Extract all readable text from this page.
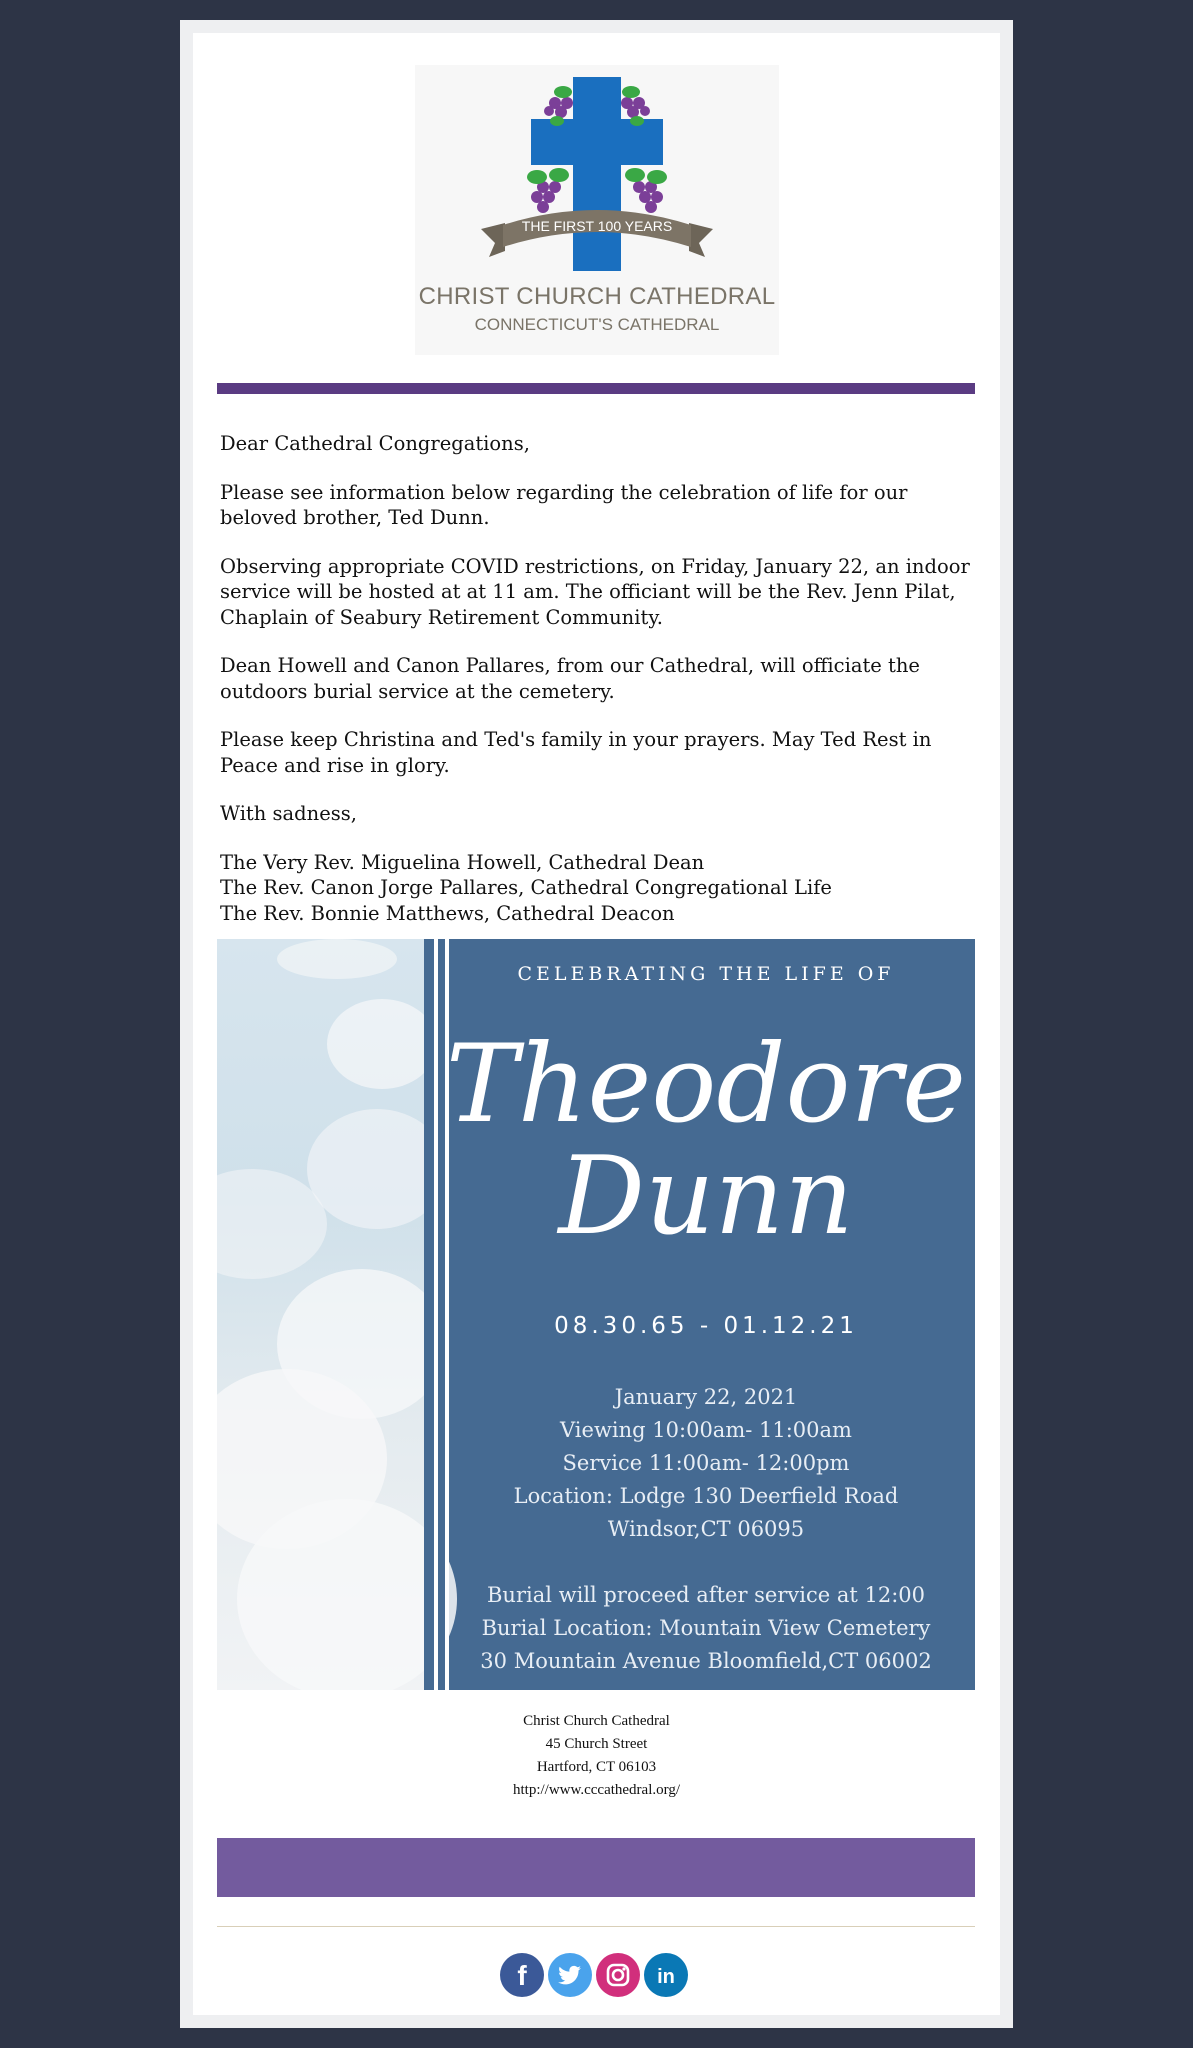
THE FIRST 100 YEARS
CHRIST CHURCH CATHEDRAL
CONNECTICUT'S CATHEDRAL

Dear Cathedral Congregations,

Please see information below regarding the celebration of life for our beloved brother, Ted Dunn.

Observing appropriate COVID restrictions, on Friday, January 22, an indoor service will be hosted at at 11 am. The officiant will be the Rev. Jenn Pilat, Chaplain of Seabury Retirement Community.

Dean Howell and Canon Pallares, from our Cathedral, will officiate the outdoors burial service at the cemetery.

Please keep Christina and Ted's family in your prayers. May Ted Rest in Peace and rise in glory.

With sadness,

The Very Rev. Miguelina Howell, Cathedral Dean

The Rev. Canon Jorge Pallares, Cathedral Congregational Life

The Rev. Bonnie Matthews, Cathedral Deacon

CELEBRATING THE LIFE OF
Theodore
Dunn
08.30.65 - 01.12.21
January 22, 2021
Viewing 10:00am- 11:00am
Service 11:00am- 12:00pm
Location: Lodge 130 Deerfield Road
Windsor,CT 06095
Burial will proceed after service at 12:00
Burial Location: Mountain View Cemetery
30 Mountain Avenue Bloomfield,CT 06002
Christ Church Cathedral
45 Church Street
Hartford, CT 06103
http://www.cccathedral.org/
f	in
